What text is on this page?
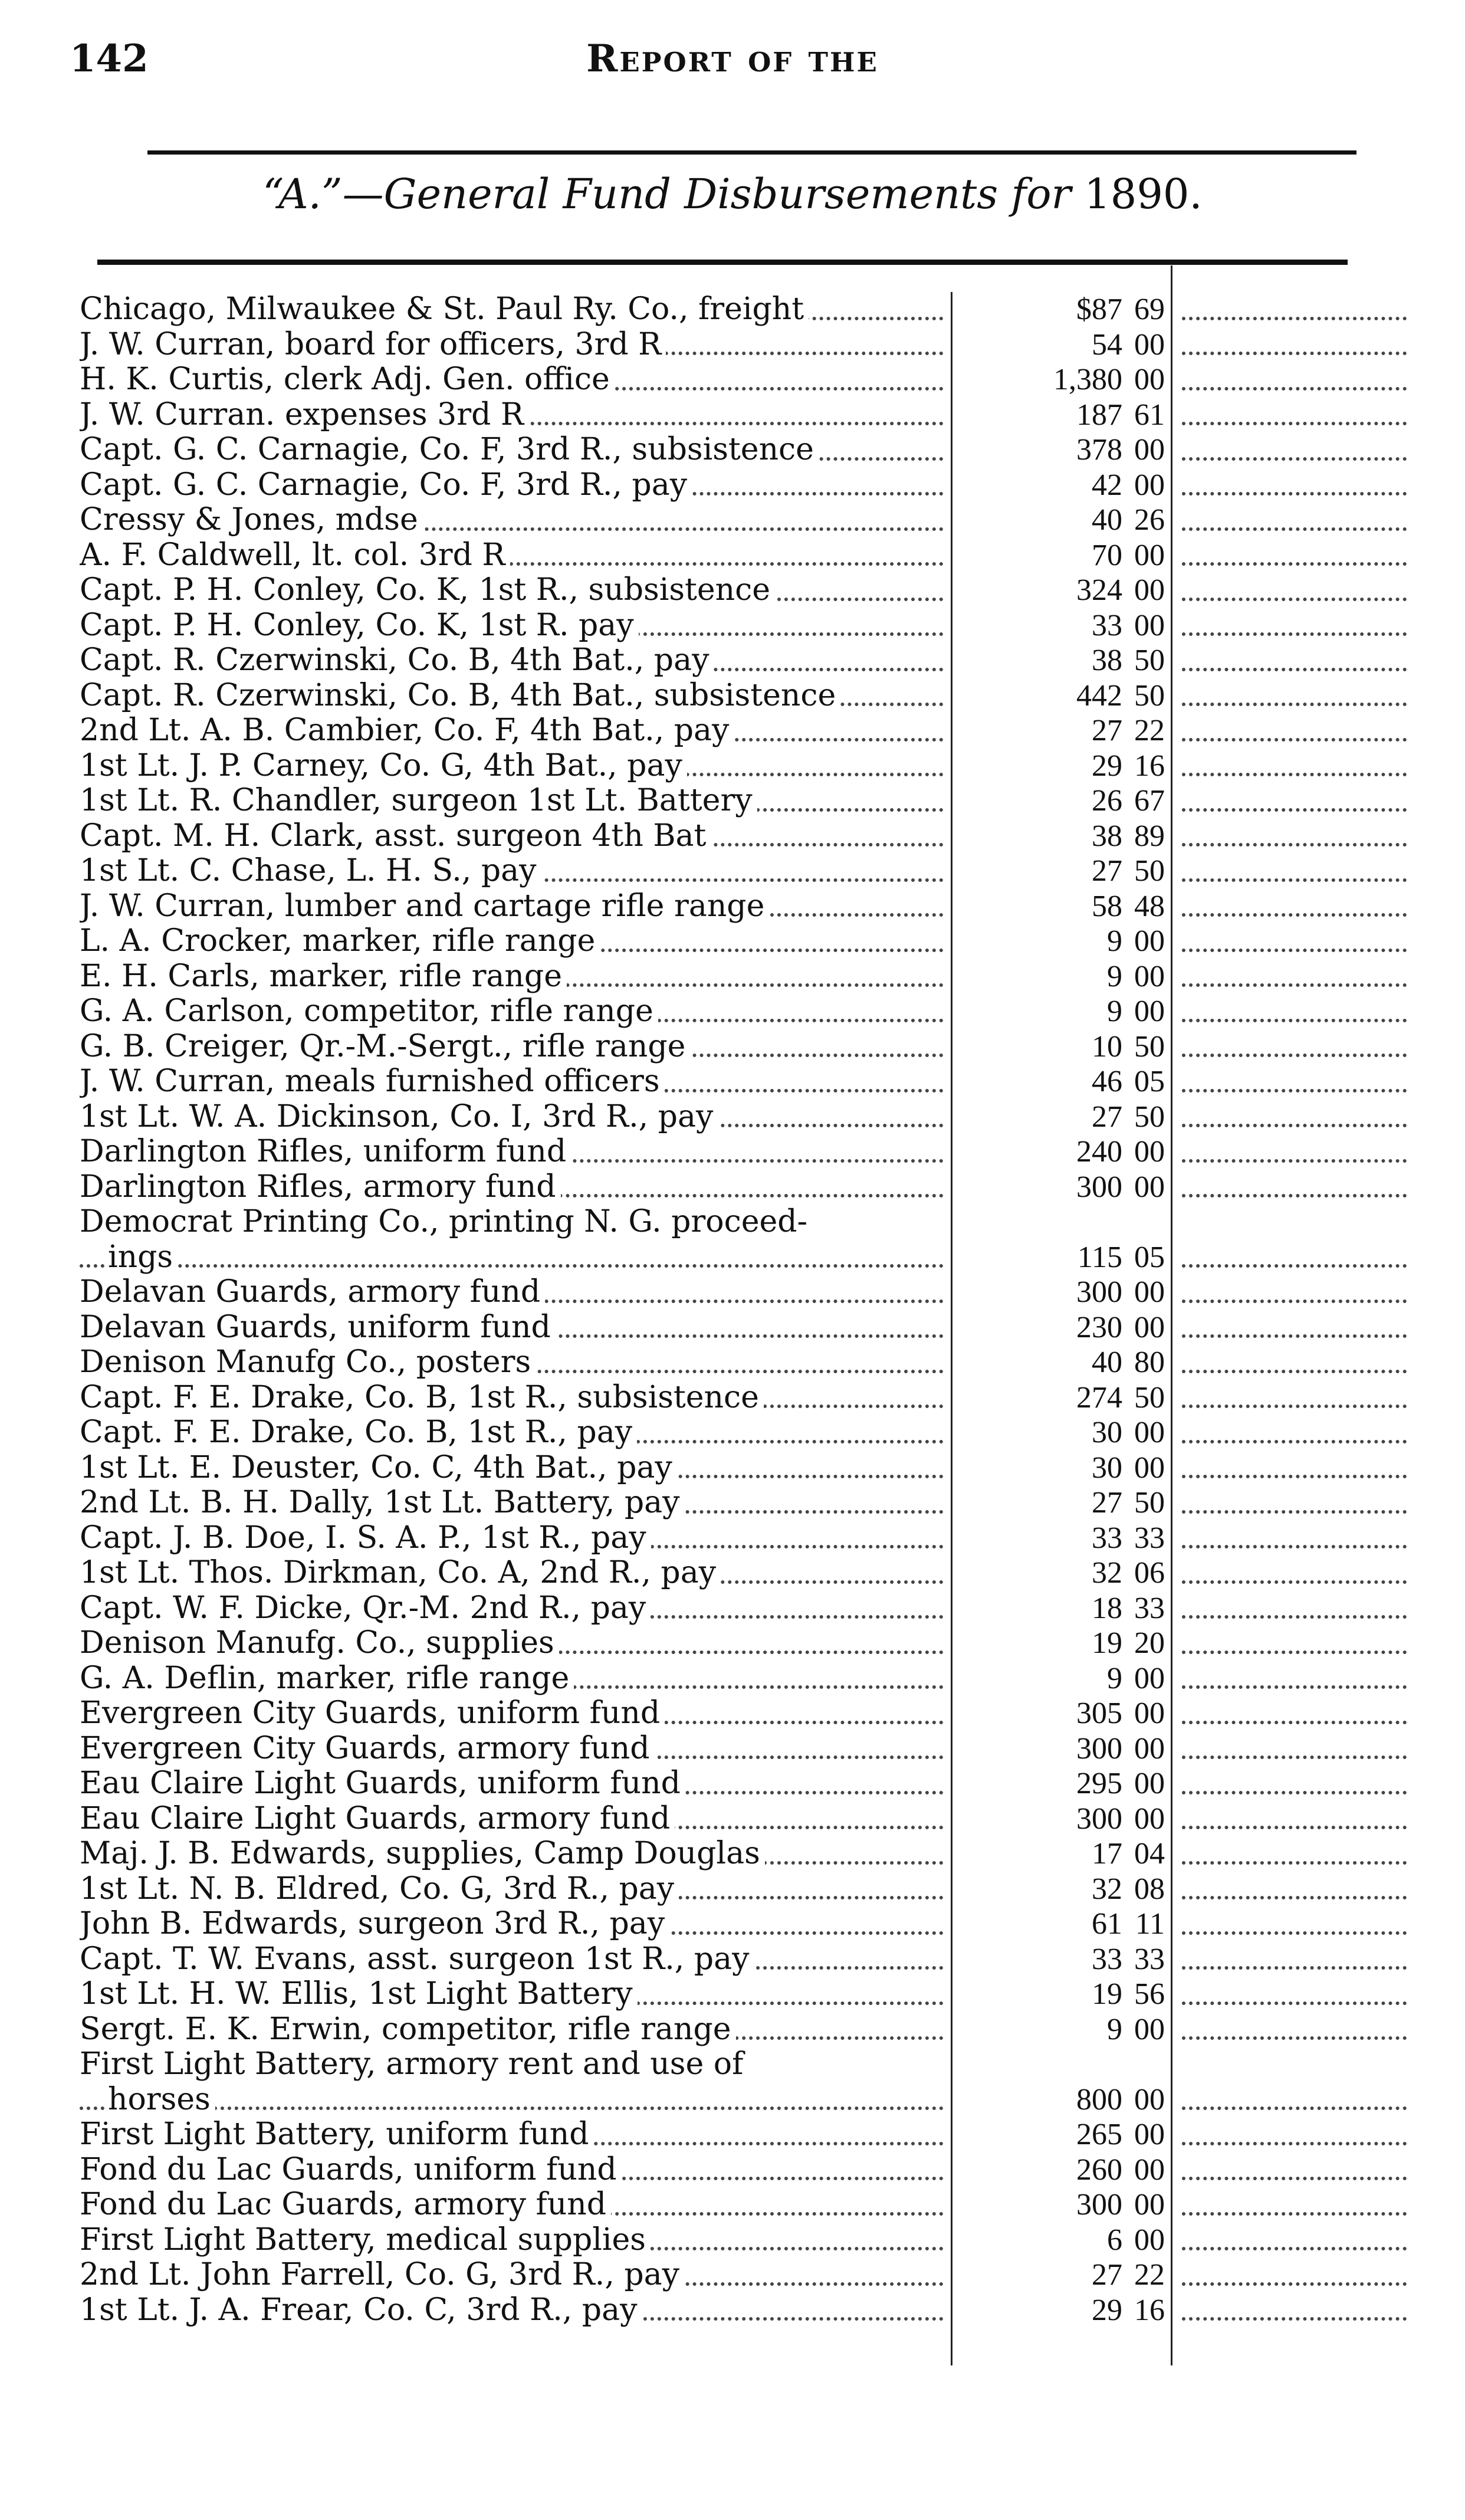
142	Report of the
“A.”—General Fund Disbursements for 1890.
Chicago, Milwaukee & St. Paul Ry. Co., freight	$87 69
J. W. Curran, board for officers, 3rd R	54 00
H. K. Curtis, clerk Adj. Gen. office	1,380 00
J. W. Curran. expenses 3rd R	187 61
Capt. G. C. Carnagie, Co. F, 3rd R., subsistence	378 00
Capt. G. C. Carnagie, Co. F, 3rd R., pay	42 00
Cressy & Jones, mdse	40 26
A. F. Caldwell, lt. col. 3rd R	70 00
Capt. P. H. Conley, Co. K, 1st R., subsistence	324 00
Capt. P. H. Conley, Co. K, 1st R. pay	33 00
Capt. R. Czerwinski, Co. B, 4th Bat., pay	38 50
Capt. R. Czerwinski, Co. B, 4th Bat., subsistence	442 50
2nd Lt. A. B. Cambier, Co. F, 4th Bat., pay	27 22
1st Lt. J. P. Carney, Co. G, 4th Bat., pay	29 16
1st Lt. R. Chandler, surgeon 1st Lt. Battery	26 67
Capt. M. H. Clark, asst. surgeon 4th Bat	38 89
1st Lt. C. Chase, L. H. S., pay	27 50
J. W. Curran, lumber and cartage rifle range	58 48
L. A. Crocker, marker, rifle range	9 00
E. H. Carls, marker, rifle range	9 00
G. A. Carlson, competitor, rifle range	9 00
G. B. Creiger, Qr.-M.-Sergt., rifle range	10 50
J. W. Curran, meals furnished officers	46 05
1st Lt. W. A. Dickinson, Co. I, 3rd R., pay	27 50
Darlington Rifles, uniform fund	240 00
Darlington Rifles, armory fund	300 00
Democrat Printing Co., printing N. G. proceed-
ings	115 05
Delavan Guards, armory fund	300 00
Delavan Guards, uniform fund	230 00
Denison Manufg Co., posters	40 80
Capt. F. E. Drake, Co. B, 1st R., subsistence	274 50
Capt. F. E. Drake, Co. B, 1st R., pay	30 00
1st Lt. E. Deuster, Co. C, 4th Bat., pay	30 00
2nd Lt. B. H. Dally, 1st Lt. Battery, pay	27 50
Capt. J. B. Doe, I. S. A. P., 1st R., pay	33 33
1st Lt. Thos. Dirkman, Co. A, 2nd R., pay	32 06
Capt. W. F. Dicke, Qr.-M. 2nd R., pay	18 33
Denison Manufg. Co., supplies	19 20
G. A. Deflin, marker, rifle range	9 00
Evergreen City Guards, uniform fund	305 00
Evergreen City Guards, armory fund	300 00
Eau Claire Light Guards, uniform fund	295 00
Eau Claire Light Guards, armory fund	300 00
Maj. J. B. Edwards, supplies, Camp Douglas	17 04
1st Lt. N. B. Eldred, Co. G, 3rd R., pay	32 08
John B. Edwards, surgeon 3rd R., pay	61 11
Capt. T. W. Evans, asst. surgeon 1st R., pay	33 33
1st Lt. H. W. Ellis, 1st Light Battery	19 56
Sergt. E. K. Erwin, competitor, rifle range	9 00
First Light Battery, armory rent and use of
horses	800 00
First Light Battery, uniform fund	265 00
Fond du Lac Guards, uniform fund	260 00
Fond du Lac Guards, armory fund	300 00
First Light Battery, medical supplies	6 00
2nd Lt. John Farrell, Co. G, 3rd R., pay	27 22
1st Lt. J. A. Frear, Co. C, 3rd R., pay	29 16
